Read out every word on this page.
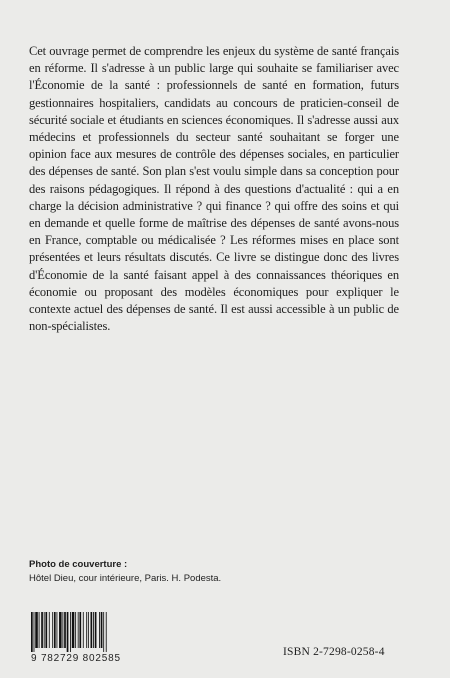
Cet ouvrage permet de comprendre les enjeux du système de santé français en réforme. Il s'adresse à un public large qui souhaite se familiariser avec l'Économie de la santé : professionnels de santé en formation, futurs gestionnaires hospitaliers, candidats au concours de praticien-conseil de sécurité sociale et étudiants en sciences économiques. Il s'adresse aussi aux médecins et professionnels du secteur santé souhaitant se forger une opinion face aux mesures de contrôle des dépenses sociales, en particulier des dépenses de santé. Son plan s'est voulu simple dans sa conception pour des raisons pédagogiques. Il répond à des questions d'actualité : qui a en charge la décision administrative ? qui finance ? qui offre des soins et qui en demande et quelle forme de maîtrise des dépenses de santé avons-nous en France, comptable ou médicalisée ? Les réformes mises en place sont présentées et leurs résultats discutés. Ce livre se distingue donc des livres d'Économie de la santé faisant appel à des connaissances théoriques en économie ou proposant des modèles économiques pour expliquer le contexte actuel des dépenses de santé. Il est aussi accessible à un public de non-spécialistes.

Photo de couverture :

Hôtel Dieu, cour intérieure, Paris. H. Podesta.

9 782729 802585
ISBN 2-7298-0258-4
